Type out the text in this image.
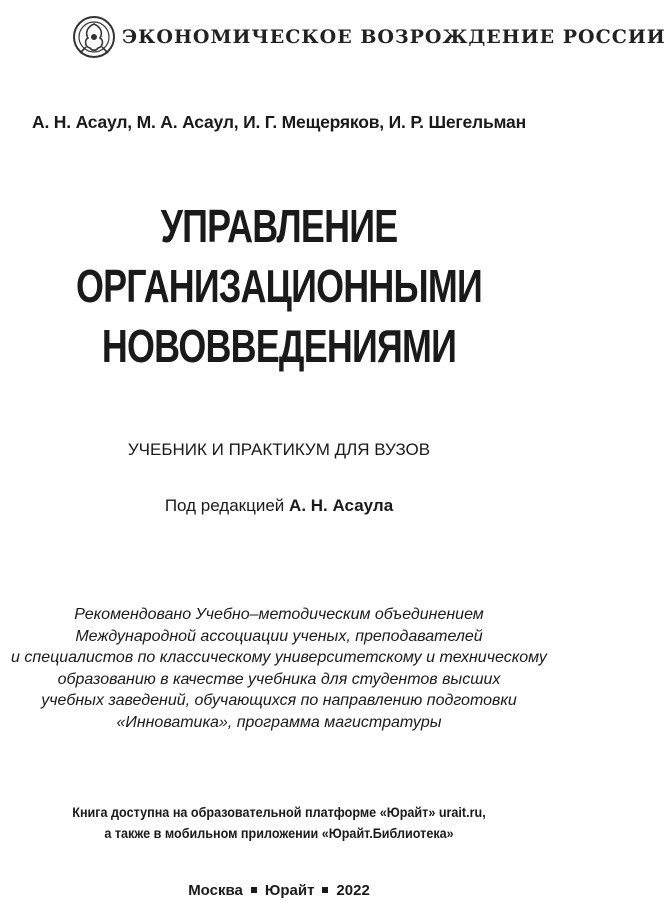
ЭКОНОМИЧЕСКОЕ ВОЗРОЖДЕНИЕ РОССИИ
А. Н. Асаул, М. А. Асаул, И. Г. Мещеряков, И. Р. Шегельман
УПРАВЛЕНИЕ
ОРГАНИЗАЦИОННЫМИ
НОВОВВЕДЕНИЯМИ
УЧЕБНИК И ПРАКТИКУМ ДЛЯ ВУЗОВ
Под редакцией А. Н. Асаула
Рекомендовано Учебно–методическим объединением
Международной ассоциации ученых, преподавателей
и специалистов по классическому университетскому и техническому
образованию в качестве учебника для студентов высших
учебных заведений, обучающихся по направлению подготовки
«Инноватика», программа магистратуры
Книга доступна на образовательной платформе «Юрайт» urait.ru,
а также в мобильном приложении «Юрайт.Библиотека»
Москва Юрайт 2022
